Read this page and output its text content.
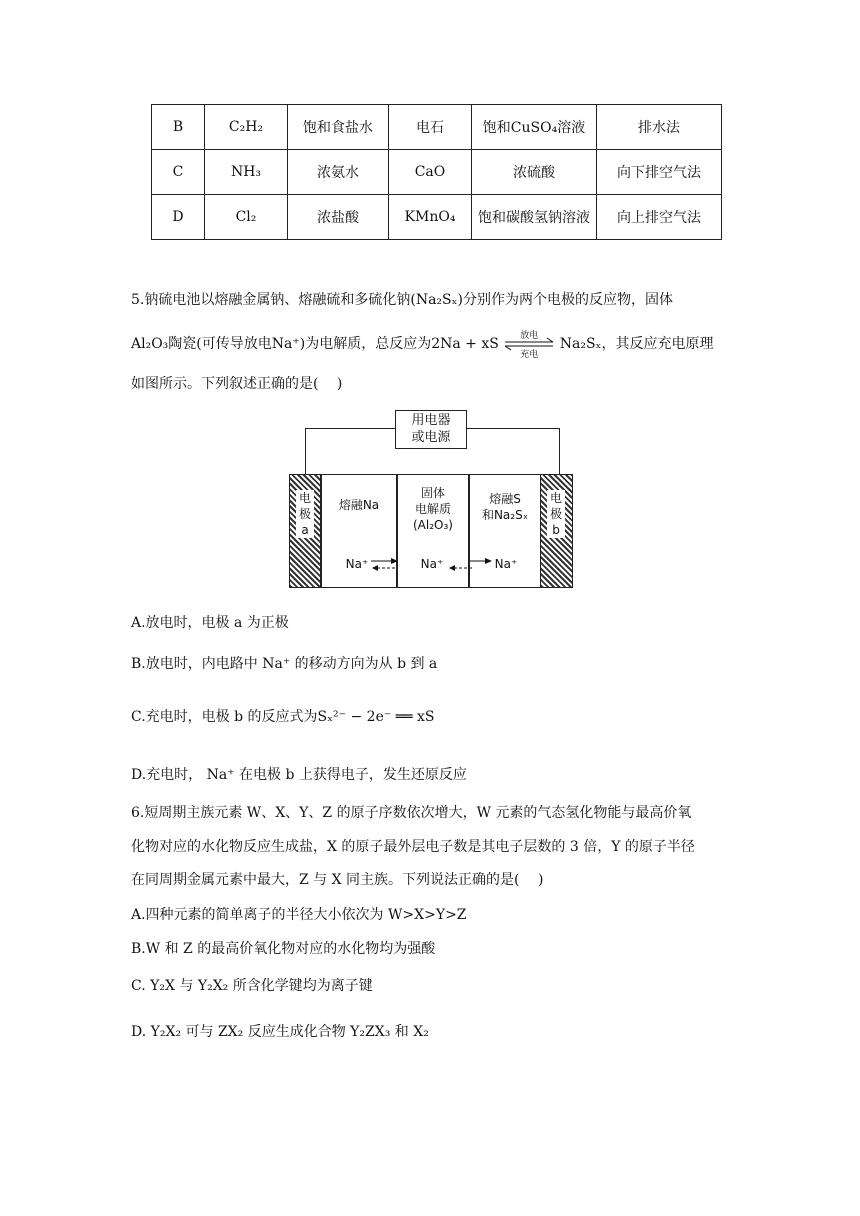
B	C₂H₂	饱和食盐水	电石	饱和CuSO₄溶液	排水法
C	NH₃	浓氨水	CaO	浓硫酸	向下排空气法
D	Cl₂	浓盐酸	KMnO₄	饱和碳酸氢钠溶液	向上排空气法
5.钠硫电池以熔融金属钠、熔融硫和多硫化钠(Na₂Sₓ)分别作为两个电极的反应物，固体
Al₂O₃陶瓷(可传导放电Na⁺)为电解质，总反应为2Na + xS	放电
充电
Na₂Sₓ，其反应充电原理
如图所示。下列叙述正确的是(　 )
用电器
或电源
电
极
a
熔融Na
固体
电解质
(Al₂O₃)
熔融S
和Na₂Sₓ
电
极
b
Na⁺	Na⁺	Na⁺
A.放电时，电极 a 为正极
B.放电时，内电路中 Na⁺ 的移动方向为从 b 到 a
C.充电时，电极 b 的反应式为Sₓ²⁻ − 2e⁻ ══ xS
D.充电时， Na⁺ 在电极 b 上获得电子，发生还原反应
6.短周期主族元素 W、X、Y、Z 的原子序数依次增大，W 元素的气态氢化物能与最高价氧
化物对应的水化物反应生成盐，X 的原子最外层电子数是其电子层数的 3 倍，Y 的原子半径
在同周期金属元素中最大，Z 与 X 同主族。下列说法正确的是(　 )
A.四种元素的简单离子的半径大小依次为 W>X>Y>Z
B.W 和 Z 的最高价氧化物对应的水化物均为强酸
C. Y₂X 与 Y₂X₂ 所含化学键均为离子键
D. Y₂X₂ 可与 ZX₂ 反应生成化合物 Y₂ZX₃ 和 X₂
